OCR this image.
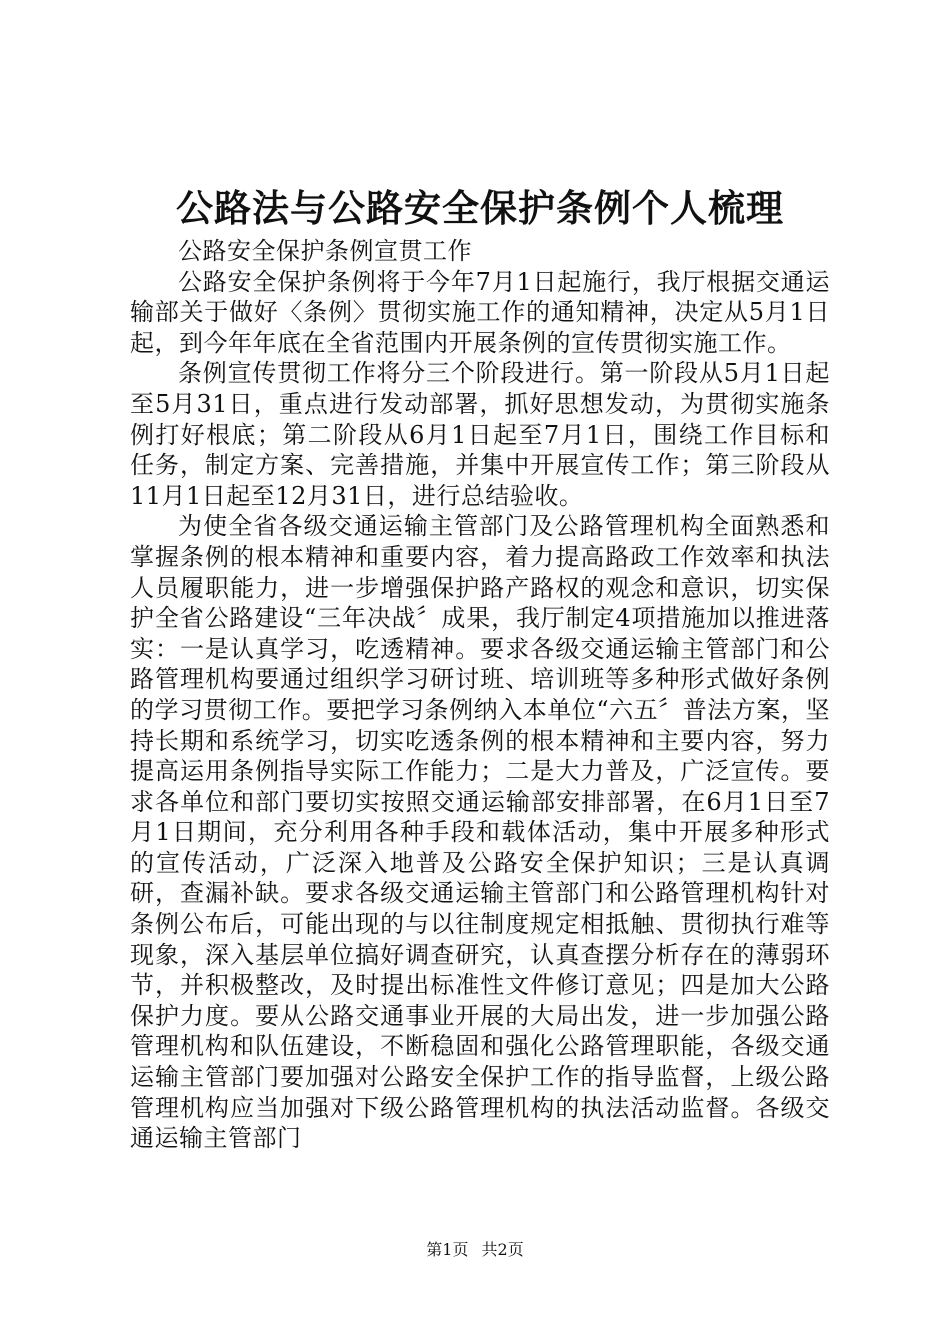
公路法与公路安全保护条例个人梳理

公路安全保护条例宣贯工作

公路安全保护条例将于今年7月1日起施行，我厅根据交通运输部关于做好〈条例〉贯彻实施工作的通知精神，决定从5月1日起，到今年年底在全省范围内开展条例的宣传贯彻实施工作。

条例宣传贯彻工作将分三个阶段进行。第一阶段从5月1日起至5月31日，重点进行发动部署，抓好思想发动，为贯彻实施条例打好根底；第二阶段从6月1日起至7月1日，围绕工作目标和任务，制定方案、完善措施，并集中开展宣传工作；第三阶段从11月1日起至12月31日，进行总结验收。

为使全省各级交通运输主管部门及公路管理机构全面熟悉和掌握条例的根本精神和重要内容，着力提高路政工作效率和执法人员履职能力，进一步增强保护路产路权的观念和意识，切实保护全省公路建设“三年决战〞成果，我厅制定4项措施加以推进落实：一是认真学习，吃透精神。要求各级交通运输主管部门和公路管理机构要通过组织学习研讨班、培训班等多种形式做好条例的学习贯彻工作。要把学习条例纳入本单位“六五〞普法方案，坚持长期和系统学习，切实吃透条例的根本精神和主要内容，努力提高运用条例指导实际工作能力；二是大力普及，广泛宣传。要求各单位和部门要切实按照交通运输部安排部署，在6月1日至7月1日期间，充分利用各种手段和载体活动，集中开展多种形式的宣传活动，广泛深入地普及公路安全保护知识；三是认真调研，查漏补缺。要求各级交通运输主管部门和公路管理机构针对条例公布后，可能出现的与以往制度规定相抵触、贯彻执行难等现象，深入基层单位搞好调查研究，认真查摆分析存在的薄弱环节，并积极整改，及时提出标准性文件修订意见；四是加大公路保护力度。要从公路交通事业开展的大局出发，进一步加强公路管理机构和队伍建设，不断稳固和强化公路管理职能，各级交通运输主管部门要加强对公路安全保护工作的指导监督，上级公路管理机构应当加强对下级公路管理机构的执法活动监督。各级交通运输主管部门

第1页 共2页
